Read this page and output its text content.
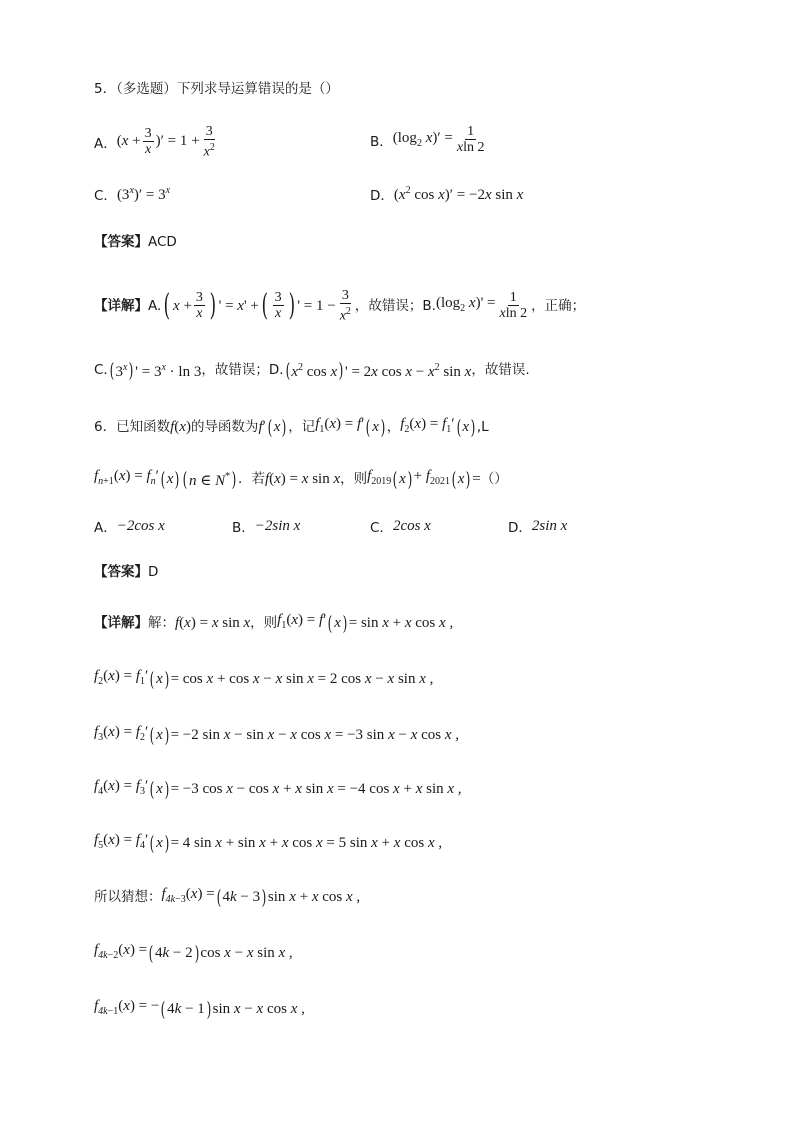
5．（多选题）下列求导运算错误的是（）
A． ($x + \frac{3}{x}$ )′ = $1 + \frac{3}{x^2}$	B． ($\log_2$ $x)' = \frac{1}{xln 2}$
C． $(3^x)' = 3^x$	D． ($x^2$ cos x)′ = −2x sin x
【答案】 ACD
【详解】 A. ( $x + \frac{3}{x}$ ) ' = x' + ( $\frac{3}{x}$ ) ' = $1 - \frac{3}{x^2}$ ，故错误； B. ($\log_2$ $x)' = \frac{1}{xln 2}$ ，正确；
C. ( 3$^x$ ) ' = $3^x \cdot \ln 3$ ，故错误； D. ( $x^2$ cos x ) ' = 2x $\cos x - x^2$ sin x ，故错误.
6．已知函数 f(x) 的导函数为 f′ ( x ) ，记 $f_1(x) = f'$ ( x ) ， $f_2(x) = f_1'$ ( x ) ,L
$f_{n+1}(x) = f_n'$ ( x ) ( n ∈ N* ) ．若 f(x) = x sin x ，则 $f_{2019}$ ( x ) + $f_{2021}$ ( x ) = （）
A． −2cos x	B． −2sin x	C． 2cos x	D． 2sin x
【答案】 D
【详解】 解： f(x) = x sin x ，则 $f_1(x) = f'$ ( x ) = sin x + x cos x ,
$f_2(x) = f_1'$ ( x ) = cos x + cos x − x sin x = 2 cos x − x sin x ,
$f_3(x) = f_2'$ ( x ) = −2 sin x − sin x − x cos x = −3 sin x − x cos x ,
$f_4(x) = f_3'$ ( x ) = −3 cos x − cos x + x sin x = −4 cos x + x sin x ,
$f_5(x) = f_4'$ ( x ) = 4 sin x + sin x + x cos x = 5 sin x + x cos x ,
所以猜想： $f_{4k-3}(x)$ = ( 4k − 3 ) sin x + x cos x ,
$f_{4k-2}(x)$ = ( 4k − 2 ) cos x − x sin x ,
$f_{4k-1}(x)$ = − ( 4k − 1 ) sin x − x cos x ,
